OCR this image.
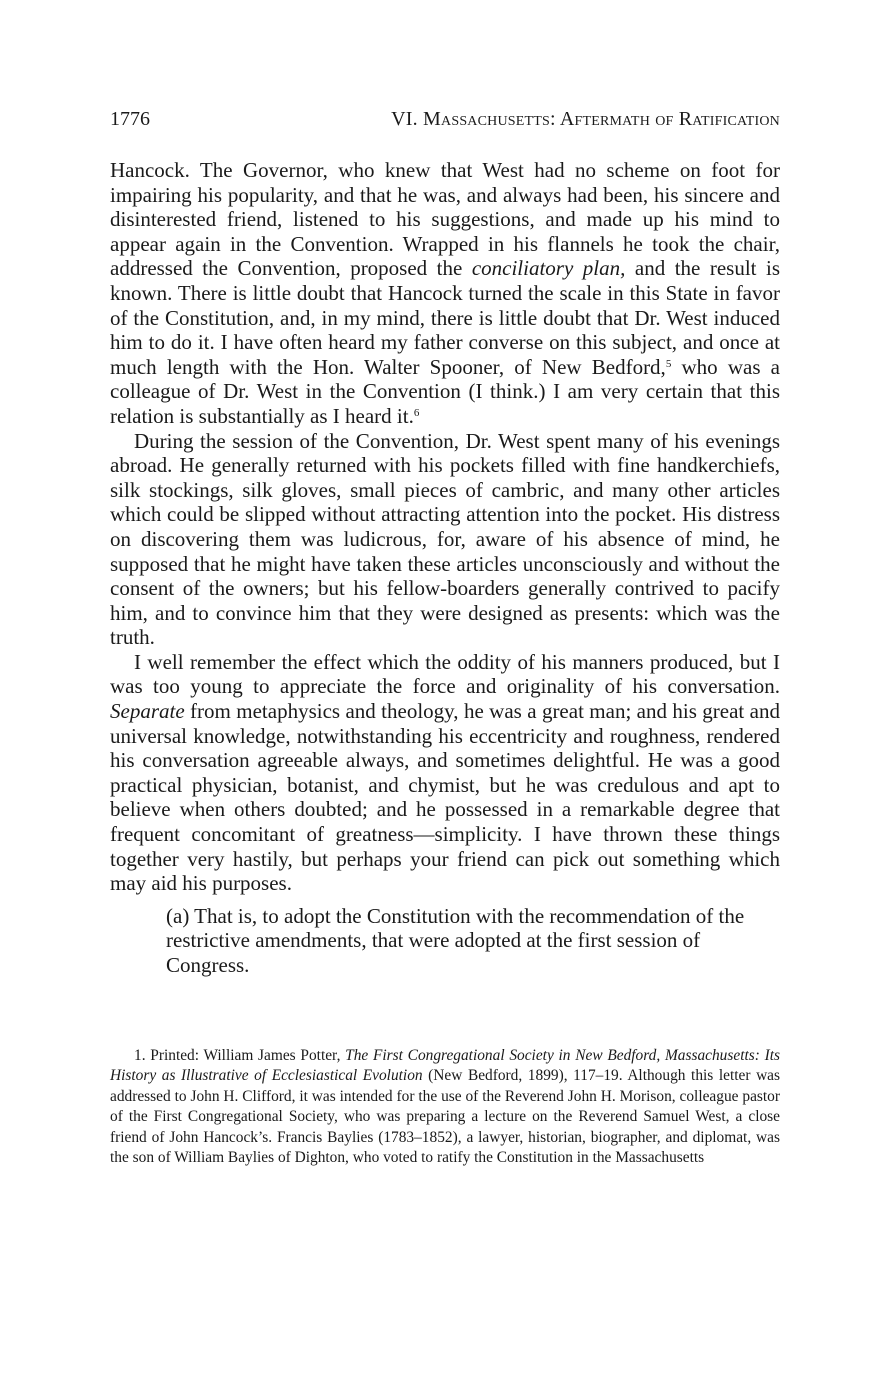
1776	VI. Massachusetts: Aftermath of Ratification

Hancock. The Governor, who knew that West had no scheme on foot for impairing his popularity, and that he was, and always had been, his sincere and disinterested friend, listened to his suggestions, and made up his mind to appear again in the Convention. Wrapped in his flannels he took the chair, addressed the Convention, proposed the conciliatory plan, and the result is known. There is little doubt that Hancock turned the scale in this State in favor of the Constitution, and, in my mind, there is little doubt that Dr. West induced him to do it. I have often heard my father converse on this subject, and once at much length with the Hon. Walter Spooner, of New Bedford,$^5$ who was a colleague of Dr. West in the Convention (I think.) I am very certain that this relation is substantially as I heard it.$^6$

During the session of the Convention, Dr. West spent many of his evenings abroad. He generally returned with his pockets filled with fine handkerchiefs, silk stockings, silk gloves, small pieces of cambric, and many other articles which could be slipped without attracting attention into the pocket. His distress on discovering them was ludicrous, for, aware of his absence of mind, he supposed that he might have taken these articles unconsciously and without the consent of the owners; but his fellow-boarders generally contrived to pacify him, and to convince him that they were designed as presents: which was the truth.

I well remember the effect which the oddity of his manners produced, but I was too young to appreciate the force and originality of his conversation. Separate from metaphysics and theology, he was a great man; and his great and universal knowledge, notwithstanding his eccentricity and roughness, rendered his conversation agreeable always, and sometimes delightful. He was a good practical physician, botanist, and chymist, but he was credulous and apt to believe when others doubted; and he possessed in a remarkable degree that frequent concomitant of greatness—simplicity. I have thrown these things together very hastily, but perhaps your friend can pick out something which may aid his purposes.

(a) That is, to adopt the Constitution with the recommendation of the restrictive amendments, that were adopted at the first session of Congress.

1. Printed: William James Potter, The First Congregational Society in New Bedford, Massachusetts: Its History as Illustrative of Ecclesiastical Evolution (New Bedford, 1899), 117–19. Although this letter was addressed to John H. Clifford, it was intended for the use of the Reverend John H. Morison, colleague pastor of the First Congregational Society, who was preparing a lecture on the Reverend Samuel West, a close friend of John Hancock’s. Francis Baylies (1783–1852), a lawyer, historian, biographer, and diplomat, was the son of William Baylies of Dighton, who voted to ratify the Constitution in the Massachusetts
